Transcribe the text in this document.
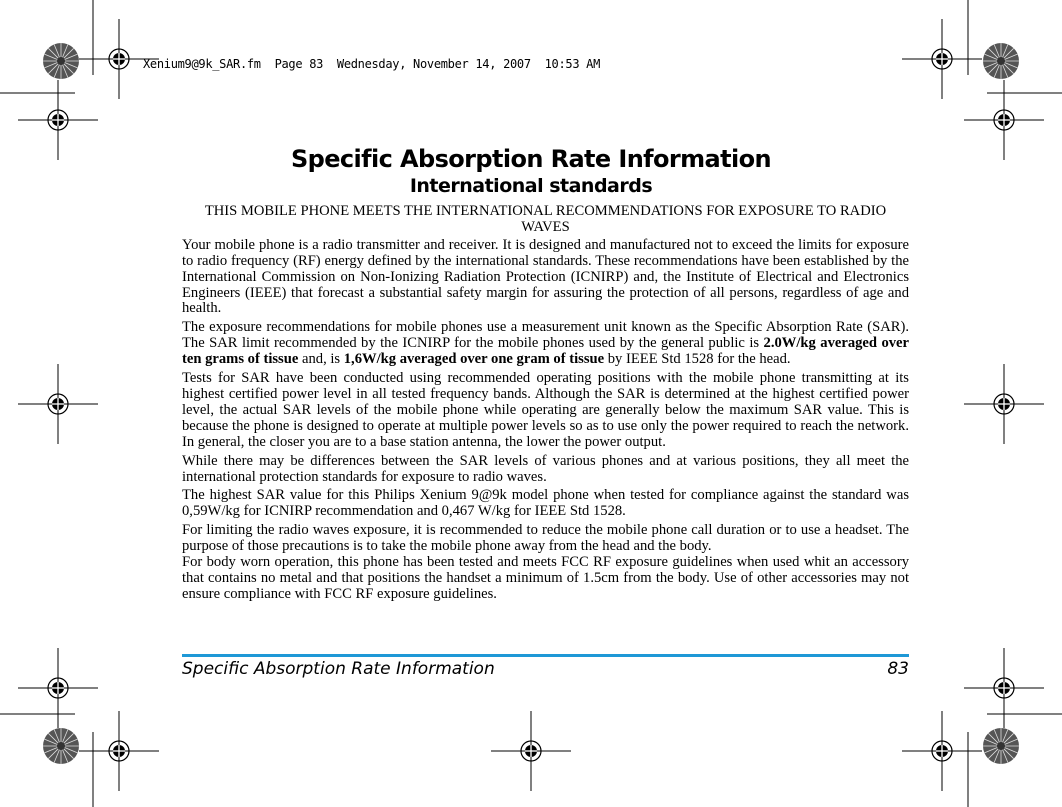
Xenium9@9k_SAR.fm  Page 83  Wednesday, November 14, 2007  10:53 AM
Specific Absorption Rate Information
International standards

THIS MOBILE PHONE MEETS THE INTERNATIONAL RECOMMENDATIONS FOR EXPOSURE TO RADIO WAVES

Your mobile phone is a radio transmitter and receiver. It is designed and manufactured not to exceed the limits for exposure to radio frequency (RF) energy defined by the international standards. These recommendations have been established by the International Commission on Non-Ionizing Radiation Protection (ICNIRP) and, the Institute of Electrical and Electronics Engineers (IEEE) that forecast a substantial safety margin for assuring the protection of all persons, regardless of age and health.

The exposure recommendations for mobile phones use a measurement unit known as the Specific Absorption Rate (SAR). The SAR limit recommended by the ICNIRP for the mobile phones used by the general public is 2.0W/kg averaged over ten grams of tissue and, is 1,6W/kg averaged over one gram of tissue by IEEE Std 1528 for the head.

Tests for SAR have been conducted using recommended operating positions with the mobile phone transmitting at its highest certified power level in all tested frequency bands. Although the SAR is determined at the highest certified power level, the actual SAR levels of the mobile phone while operating are generally below the maximum SAR value. This is because the phone is designed to operate at multiple power levels so as to use only the power required to reach the network. In general, the closer you are to a base station antenna, the lower the power output.

While there may be differences between the SAR levels of various phones and at various positions, they all meet the international protection standards for exposure to radio waves.

The highest SAR value for this Philips Xenium 9@9k model phone when tested for compliance against the standard was 0,59W/kg for ICNIRP recommendation and 0,467 W/kg for IEEE Std 1528.

For limiting the radio waves exposure, it is recommended to reduce the mobile phone call duration or to use a headset. The purpose of those precautions is to take the mobile phone away from the head and the body.

For body worn operation, this phone has been tested and meets FCC RF exposure guidelines when used whit an accessory that contains no metal and that positions the handset a minimum of 1.5cm from the body. Use of other accessories may not ensure compliance with FCC RF exposure guidelines.

Specific Absorption Rate Information	83
